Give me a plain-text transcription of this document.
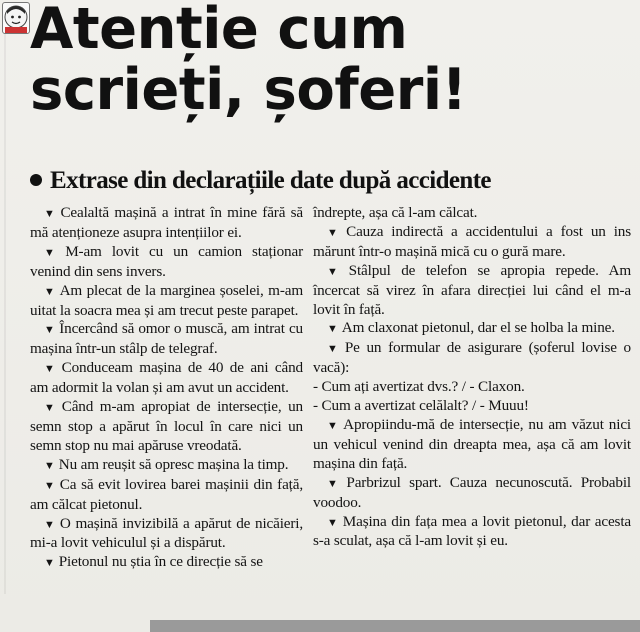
Atenție cum
scrieți, șoferi!
Extrase din declarațiile date după accidente

▼ Cealaltă mașină a intrat în mine fără să mă atenționeze asupra intențiilor ei.

▼ M-am lovit cu un camion staționar venind din sens invers.

▼ Am plecat de la marginea șoselei, m-am uitat la soacra mea și am trecut peste parapet.

▼ Încercând să omor o muscă, am intrat cu mașina într-un stâlp de telegraf.

▼ Conduceam mașina de 40 de ani când am adormit la volan și am avut un accident.

▼ Când m-am apropiat de intersecție, un semn stop a apărut în locul în care nici un semn stop nu mai apăruse vreodată.

▼ Nu am reușit să opresc mașina la timp.

▼ Ca să evit lovirea barei mașinii din față, am călcat pietonul.

▼ O mașină invizibilă a apărut de nicăieri, mi-a lovit vehiculul și a dispărut.

▼ Pietonul nu știa în ce direcție să se

îndrepte, așa că l-am călcat.

▼ Cauza indirectă a accidentului a fost un ins mărunt într-o mașină mică cu o gură mare.

▼ Stâlpul de telefon se apropia repede. Am încercat să virez în afara direcției lui când el m-a lovit în față.

▼ Am claxonat pietonul, dar el se holba la mine.

▼ Pe un formular de asigurare (șoferul lovise o vacă):

- Cum ați avertizat dvs.? / - Claxon.

- Cum a avertizat celălalt? / - Muuu!

▼ Apropiindu-mă de intersecție, nu am văzut nici un vehicul venind din dreapta mea, așa că am lovit mașina din față.

▼ Parbrizul spart. Cauza necunoscută. Probabil voodoo.

▼ Mașina din fața mea a lovit pietonul, dar acesta s-a sculat, așa că l-am lovit și eu.
